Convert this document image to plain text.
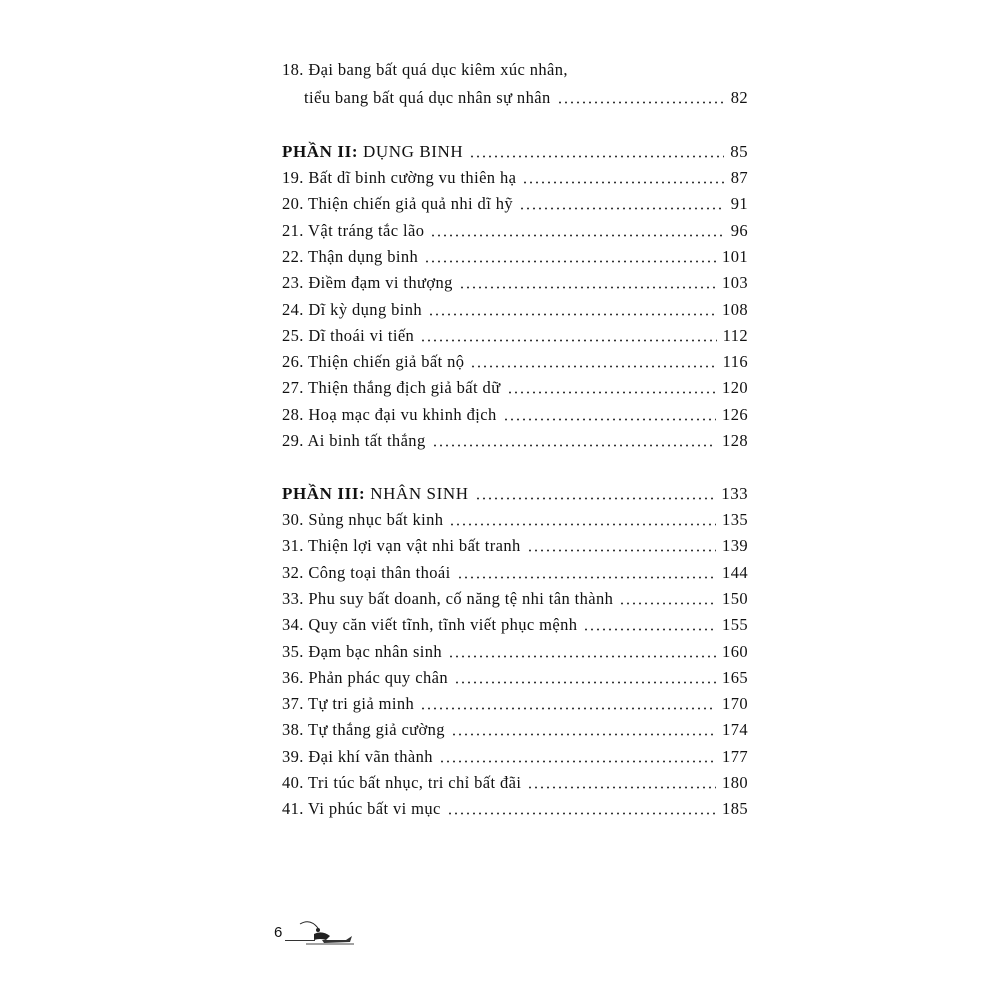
18. Đại bang bất quá dục kiêm xúc nhân,
tiểu bang bất quá dục nhân sự nhân	82
PHẦN II: DỤNG BINH	85
19. Bất dĩ binh cường vu thiên hạ	87
20. Thiện chiến giả quả nhi dĩ hỹ	91
21. Vật tráng tắc lão	96
22. Thận dụng binh	101
23. Điềm đạm vi thượng	103
24. Dĩ kỳ dụng binh	108
25. Dĩ thoái vi tiến	112
26. Thiện chiến giả bất nộ	116
27. Thiện thắng địch giả bất dữ	120
28. Hoạ mạc đại vu khinh địch	126
29. Ai binh tất thắng	128
PHẦN III: NHÂN SINH	133
30. Sủng nhục bất kinh	135
31. Thiện lợi vạn vật nhi bất tranh	139
32. Công toại thân thoái	144
33. Phu suy bất doanh, cố năng tệ nhi tân thành	150
34. Quy căn viết tĩnh, tĩnh viết phục mệnh	155
35. Đạm bạc nhân sinh	160
36. Phản phác quy chân	165
37. Tự tri giả minh	170
38. Tự thắng giả cường	174
39. Đại khí vãn thành	177
40. Tri túc bất nhục, tri chỉ bất đãi	180
41. Vi phúc bất vi mục	185
6
